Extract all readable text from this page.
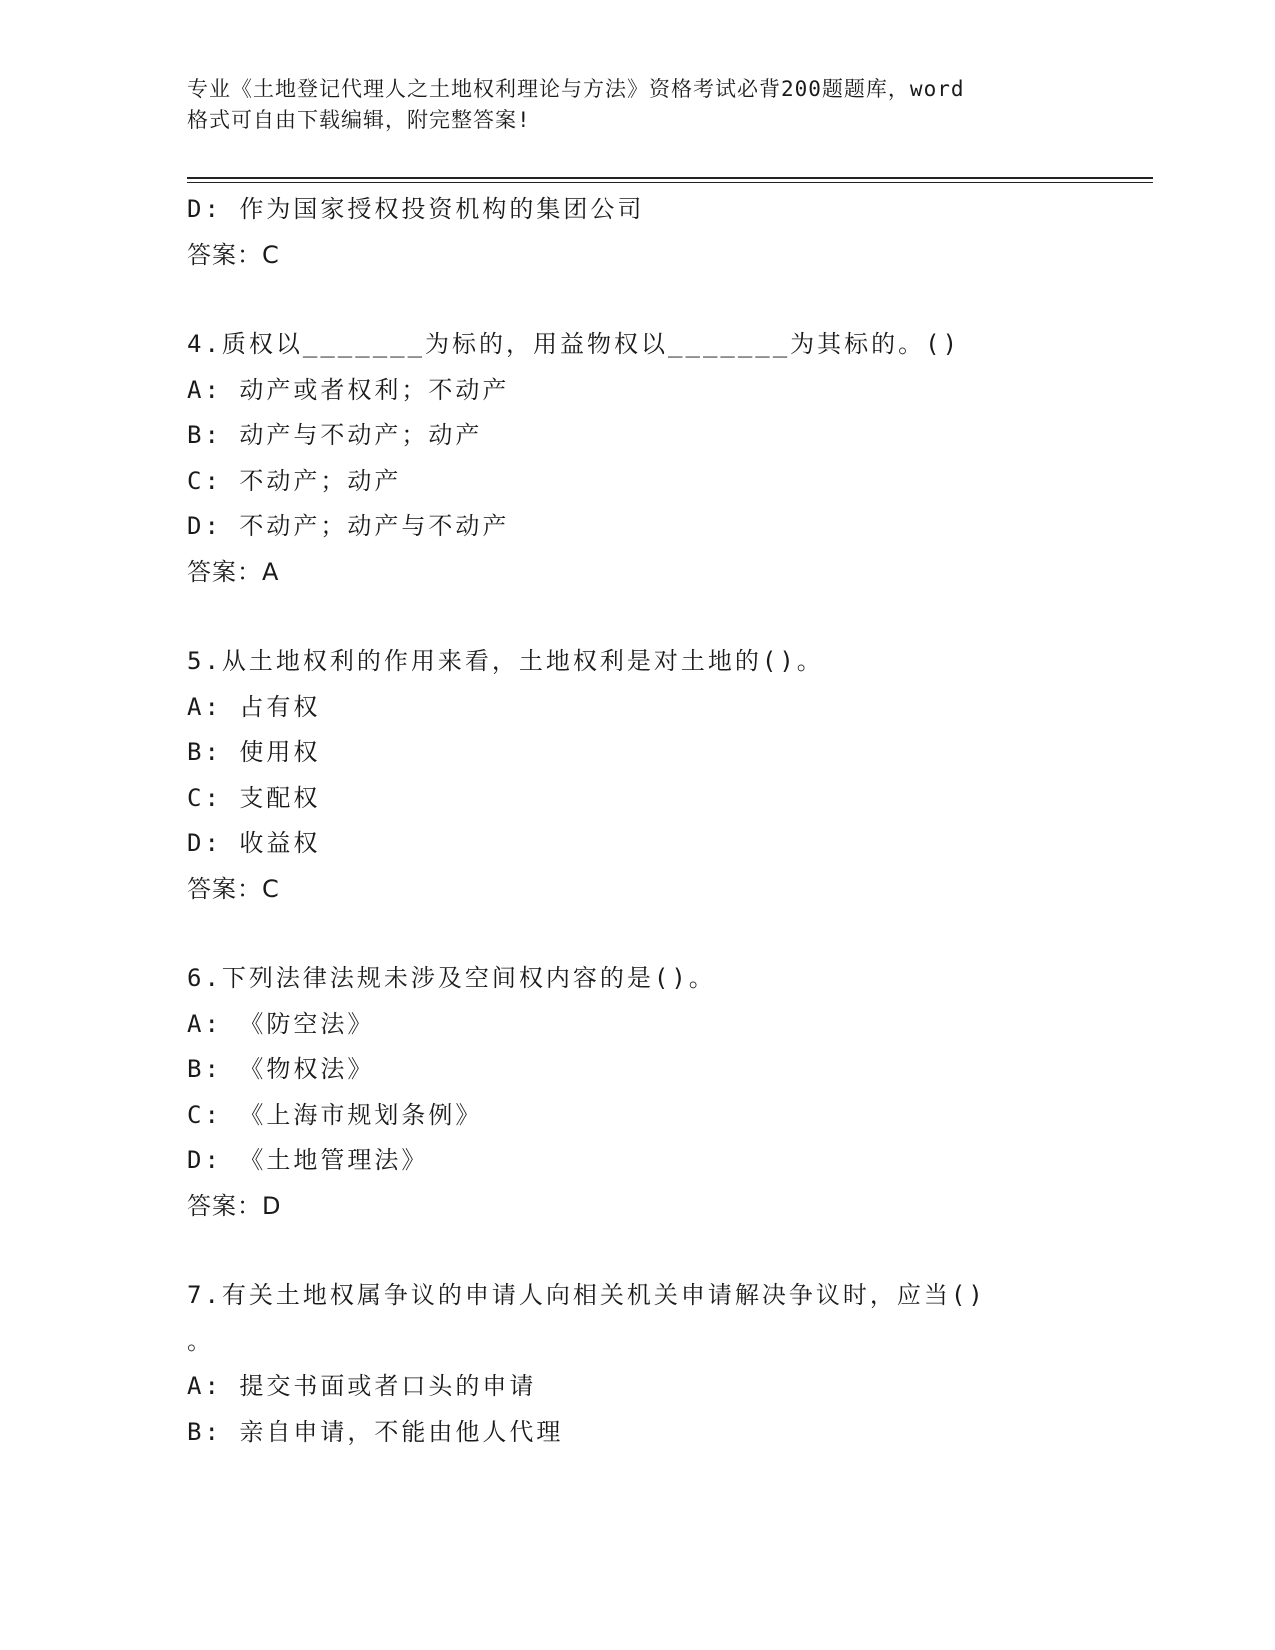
专业《土地登记代理人之土地权利理论与方法》资格考试必背200题题库，word
格式可自由下载编辑，附完整答案!
D: 作为国家授权投资机构的集团公司
答案：C
4.质权以_______为标的，用益物权以_______为其标的。()
A: 动产或者权利；不动产
B: 动产与不动产；动产
C: 不动产；动产
D: 不动产；动产与不动产
答案：A
5.从土地权利的作用来看，土地权利是对土地的()。
A: 占有权
B: 使用权
C: 支配权
D: 收益权
答案：C
6.下列法律法规未涉及空间权内容的是()。
A: 《防空法》
B: 《物权法》
C: 《上海市规划条例》
D: 《土地管理法》
答案：D
7.有关土地权属争议的申请人向相关机关申请解决争议时，应当()
。
A: 提交书面或者口头的申请
B: 亲自申请，不能由他人代理
